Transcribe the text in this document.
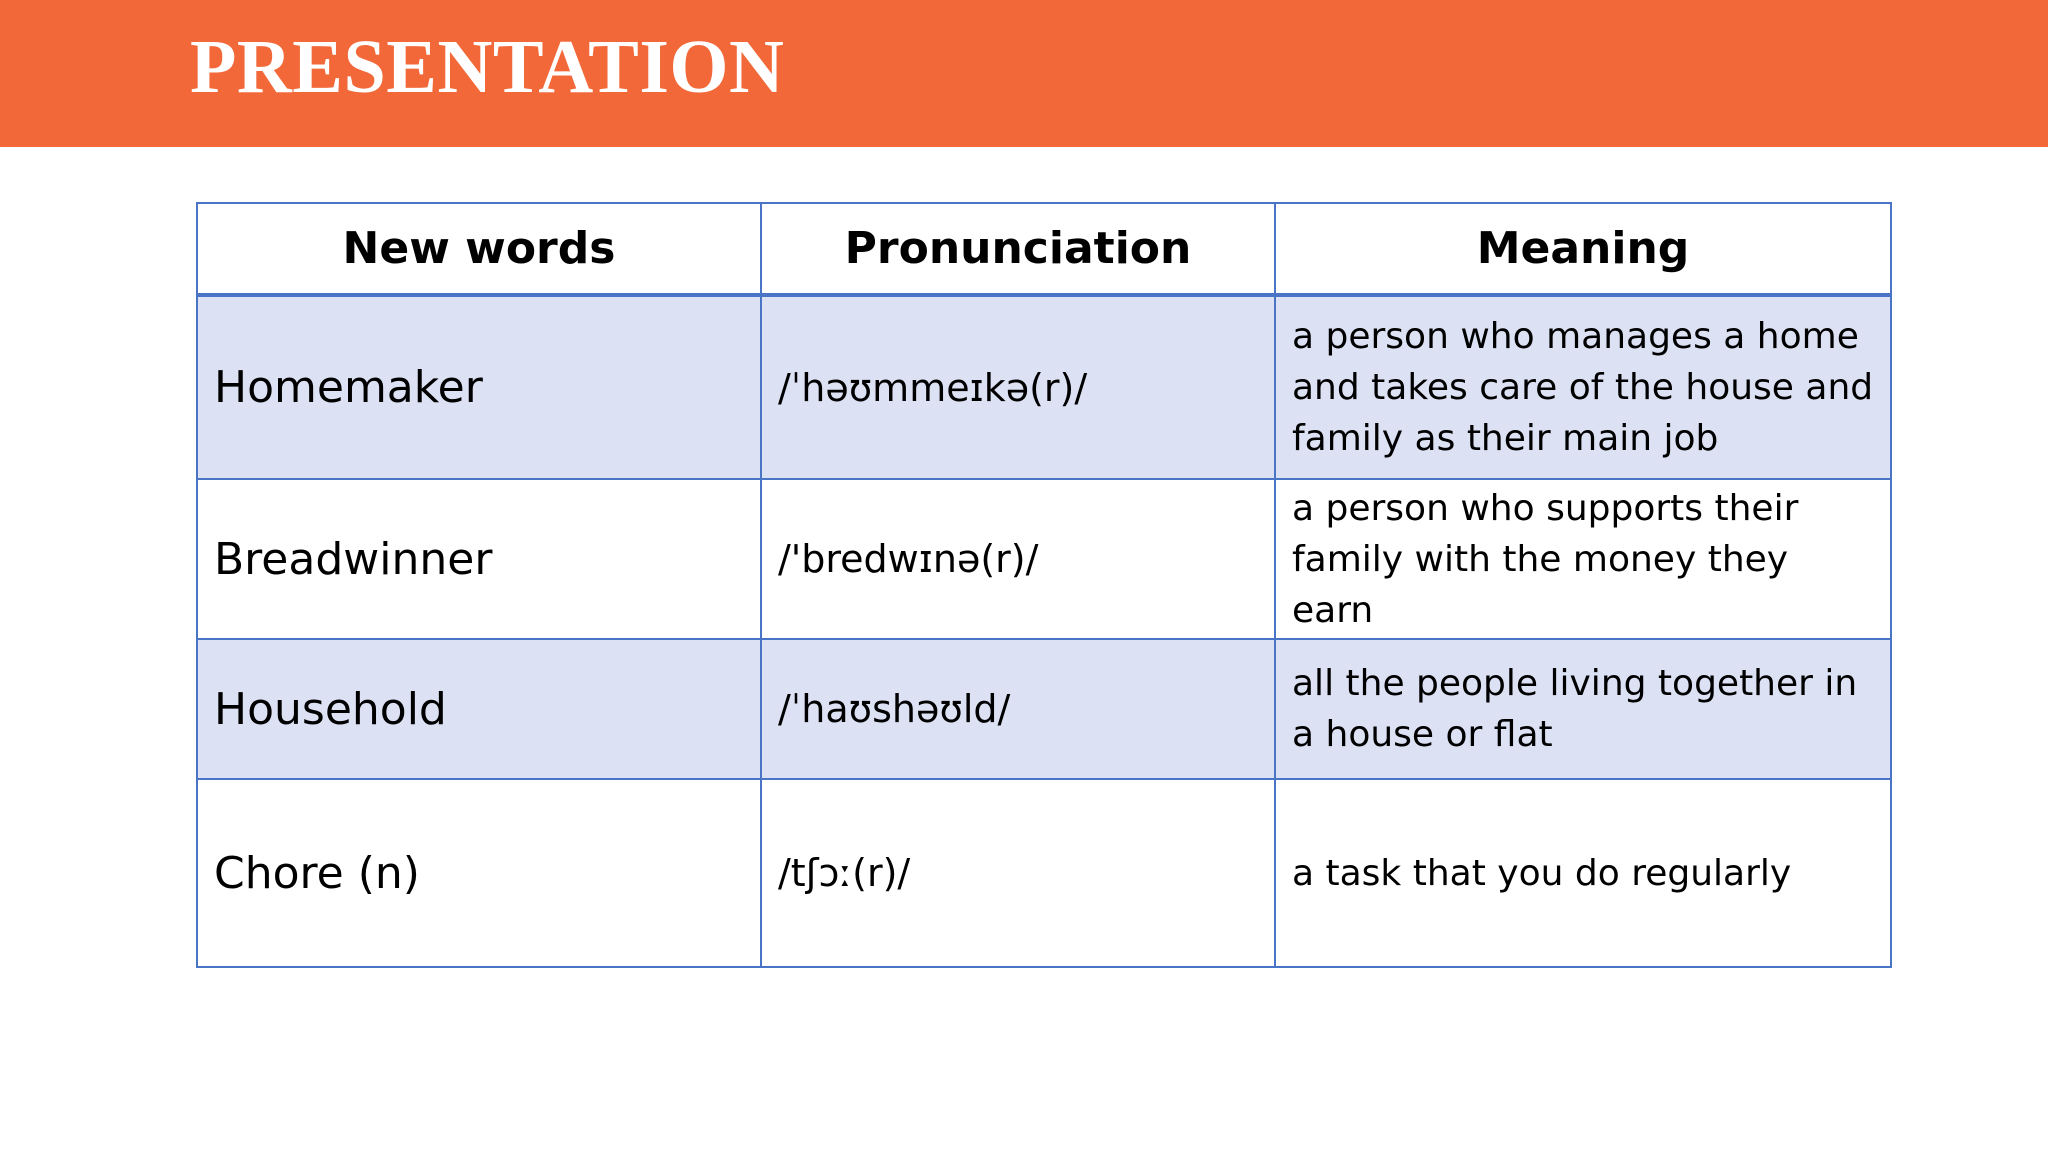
PRESENTATION
New words	Pronunciation	Meaning
Homemaker	/ˈhəʊmmeɪkə(r)/	a person who manages a home and takes care of the house and family as their main job
Breadwinner	/'bredwɪnə(r)/	a person who supports their family with the money they earn
Household	/ˈhaʊshəʊld/	all the people living together in a house or flat
Chore (n)	/tʃɔː(r)/	a task that you do regularly
